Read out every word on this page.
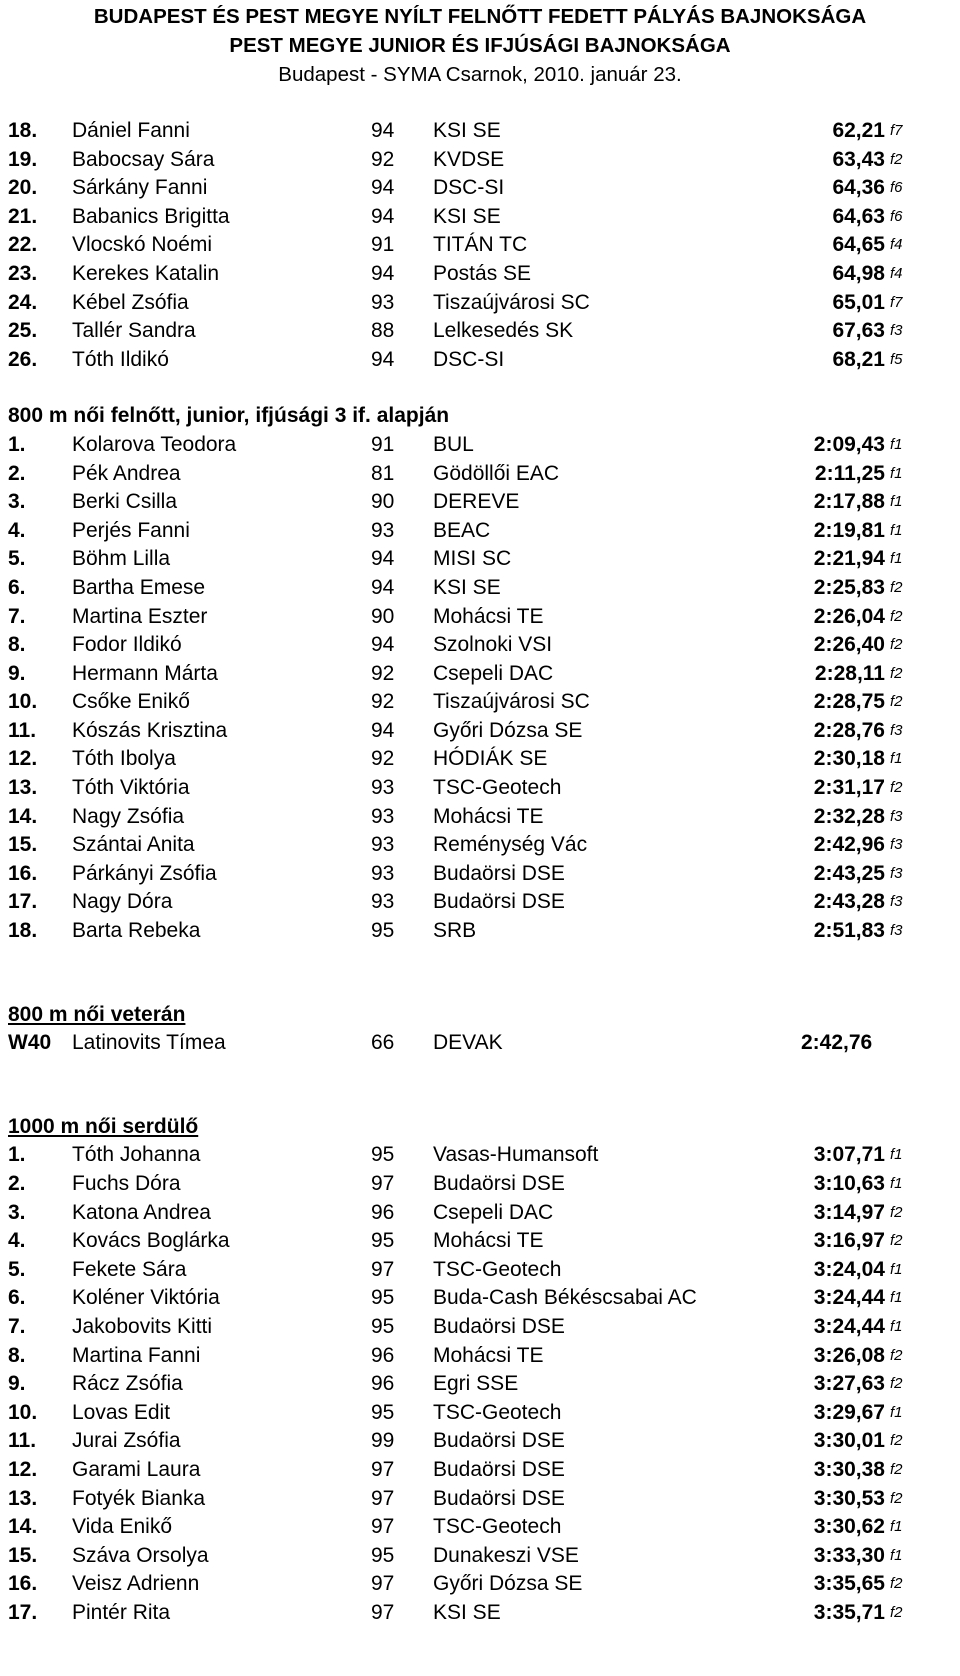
BUDAPEST ÉS PEST MEGYE NYÍLT FELNŐTT FEDETT PÁLYÁS BAJNOKSÁGA
PEST MEGYE JUNIOR ÉS IFJÚSÁGI BAJNOKSÁGA
Budapest - SYMA Csarnok, 2010. január 23.
18. Dániel Fanni	94 KSI SE	62,21 f7
19. Babocsay Sára	92 KVDSE	63,43 f2
20. Sárkány Fanni	94 DSC-SI	64,36 f6
21. Babanics Brigitta	94 KSI SE	64,63 f6
22. Vlocskó Noémi	91 TITÁN TC	64,65 f4
23. Kerekes Katalin	94 Postás SE	64,98 f4
24. Kébel Zsófia	93 Tiszaújvárosi SC	65,01 f7
25. Tallér Sandra	88 Lelkesedés SK	67,63 f3
26. Tóth Ildikó	94 DSC-SI	68,21 f5
800 m női felnőtt, junior, ifjúsági 3 if. alapján
1. Kolarova Teodora	91 BUL	2:09,43 f1
2. Pék Andrea	81 Gödöllői EAC	2:11,25 f1
3. Berki Csilla	90 DEREVE	2:17,88 f1
4. Perjés Fanni	93 BEAC	2:19,81 f1
5. Böhm Lilla	94 MISI SC	2:21,94 f1
6. Bartha Emese	94 KSI SE	2:25,83 f2
7. Martina Eszter	90 Mohácsi TE	2:26,04 f2
8. Fodor Ildikó	94 Szolnoki VSI	2:26,40 f2
9. Hermann Márta	92 Csepeli DAC	2:28,11 f2
10. Csőke Enikő	92 Tiszaújvárosi SC	2:28,75 f2
11. Kószás Krisztina	94 Győri Dózsa SE	2:28,76 f3
12. Tóth Ibolya	92 HÓDIÁK SE	2:30,18 f1
13. Tóth Viktória	93 TSC-Geotech	2:31,17 f2
14. Nagy Zsófia	93 Mohácsi TE	2:32,28 f3
15. Szántai Anita	93 Reménység Vác	2:42,96 f3
16. Párkányi Zsófia	93 Budaörsi DSE	2:43,25 f3
17. Nagy Dóra	93 Budaörsi DSE	2:43,28 f3
18. Barta Rebeka	95 SRB	2:51,83 f3
800 m női veterán
W40 Latinovits Tímea	66 DEVAK	2:42,76
1000 m női serdülő
1. Tóth Johanna	95 Vasas-Humansoft	3:07,71 f1
2. Fuchs Dóra	97 Budaörsi DSE	3:10,63 f1
3. Katona Andrea	96 Csepeli DAC	3:14,97 f2
4. Kovács Boglárka	95 Mohácsi TE	3:16,97 f2
5. Fekete Sára	97 TSC-Geotech	3:24,04 f1
6. Koléner Viktória	95 Buda-Cash Békéscsabai AC	3:24,44 f1
7. Jakobovits Kitti	95 Budaörsi DSE	3:24,44 f1
8. Martina Fanni	96 Mohácsi TE	3:26,08 f2
9. Rácz Zsófia	96 Egri SSE	3:27,63 f2
10. Lovas Edit	95 TSC-Geotech	3:29,67 f1
11. Jurai Zsófia	99 Budaörsi DSE	3:30,01 f2
12. Garami Laura	97 Budaörsi DSE	3:30,38 f2
13. Fotyék Bianka	97 Budaörsi DSE	3:30,53 f2
14. Vida Enikő	97 TSC-Geotech	3:30,62 f1
15. Száva Orsolya	95 Dunakeszi VSE	3:33,30 f1
16. Veisz Adrienn	97 Győri Dózsa SE	3:35,65 f2
17. Pintér Rita	97 KSI SE	3:35,71 f2
